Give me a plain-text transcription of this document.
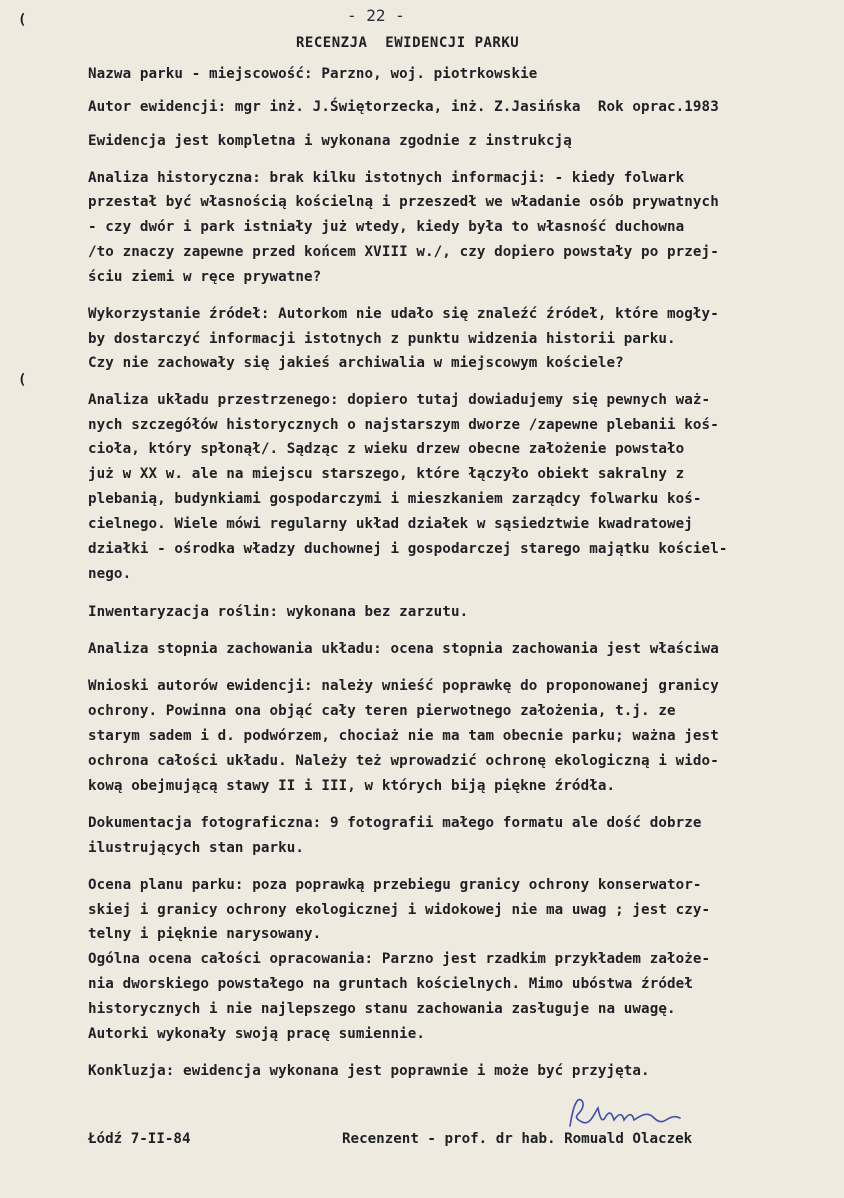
- 22 -
RECENZJA  EWIDENCJI PARKU
(
(
Nazwa parku - miejscowość: Parzno, woj. piotrkowskie
Autor ewidencji: mgr inż. J.Świętorzecka, inż. Z.Jasińska  Rok oprac.1983
Ewidencja jest kompletna i wykonana zgodnie z instrukcją
Analiza historyczna: brak kilku istotnych informacji: - kiedy folwark
przestał być własnością kościelną i przeszedł we władanie osób prywatnych
- czy dwór i park istniały już wtedy, kiedy była to własność duchowna
/to znaczy zapewne przed końcem XVIII w./, czy dopiero powstały po przej-
ściu ziemi w ręce prywatne?
Wykorzystanie źródeł: Autorkom nie udało się znaleźć źródeł, które mogły-
by dostarczyć informacji istotnych z punktu widzenia historii parku.
Czy nie zachowały się jakieś archiwalia w miejscowym kościele?
Analiza układu przestrzenego: dopiero tutaj dowiadujemy się pewnych waż-
nych szczegółów historycznych o najstarszym dworze /zapewne plebanii koś-
cioła, który spłonął/. Sądząc z wieku drzew obecne założenie powstało
już w XX w. ale na miejscu starszego, które łączyło obiekt sakralny z
plebanią, budynkiami gospodarczymi i mieszkaniem zarządcy folwarku koś-
cielnego. Wiele mówi regularny układ działek w sąsiedztwie kwadratowej
działki - ośrodka władzy duchownej i gospodarczej starego majątku kościel-
nego.
Inwentaryzacja roślin: wykonana bez zarzutu.
Analiza stopnia zachowania układu: ocena stopnia zachowania jest właściwa
Wnioski autorów ewidencji: należy wnieść poprawkę do proponowanej granicy
ochrony. Powinna ona objąć cały teren pierwotnego założenia, t.j. ze
starym sadem i d. podwórzem, chociaż nie ma tam obecnie parku; ważna jest
ochrona całości układu. Należy też wprowadzić ochronę ekologiczną i wido-
kową obejmującą stawy II i III, w których biją piękne źródła.
Dokumentacja fotograficzna: 9 fotografii małego formatu ale dość dobrze
ilustrujących stan parku.
Ocena planu parku: poza poprawką przebiegu granicy ochrony konserwator-
skiej i granicy ochrony ekologicznej i widokowej nie ma uwag ; jest czy-
telny i pięknie narysowany.
Ogólna ocena całości opracowania: Parzno jest rzadkim przykładem założe-
nia dworskiego powstałego na gruntach kościelnych. Mimo ubóstwa źródeł
historycznych i nie najlepszego stanu zachowania zasługuje na uwagę.
Autorki wykonały swoją pracę sumiennie.
Konkluzja: ewidencja wykonana jest poprawnie i może być przyjęta.
Łódź 7-II-84	Recenzent - prof. dr hab. Romuald Olaczek
